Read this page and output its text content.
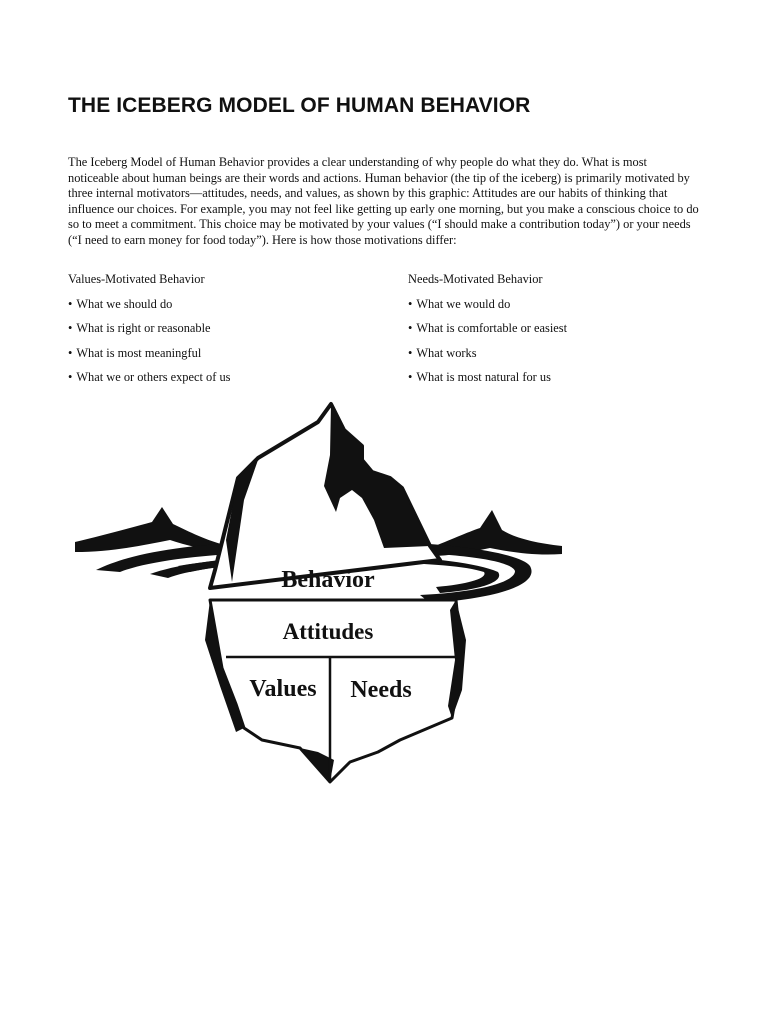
THE ICEBERG MODEL OF HUMAN BEHAVIOR

The Iceberg Model of Human Behavior provides a clear understanding of why people do what they do. What is most noticeable about human beings are their words and actions. Human behavior (the tip of the iceberg) is primarily motivated by three internal motivators—attitudes, needs, and values, as shown by this graphic: Attitudes are our habits of thinking that influence our choices. For example, you may not feel like getting up early one morning, but you make a conscious choice to do so to meet a commitment. This choice may be motivated by your values (“I should make a contribution today”) or your needs (“I need to earn money for food today”). Here is how those motivations differ:

Values-Motivated Behavior
• What we should do
• What is right or reasonable
• What is most meaningful
• What we or others expect of us
Needs-Motivated Behavior
• What we would do
• What is comfortable or easiest
• What works
• What is most natural for us
Behavior
Attitudes
Values Needs
